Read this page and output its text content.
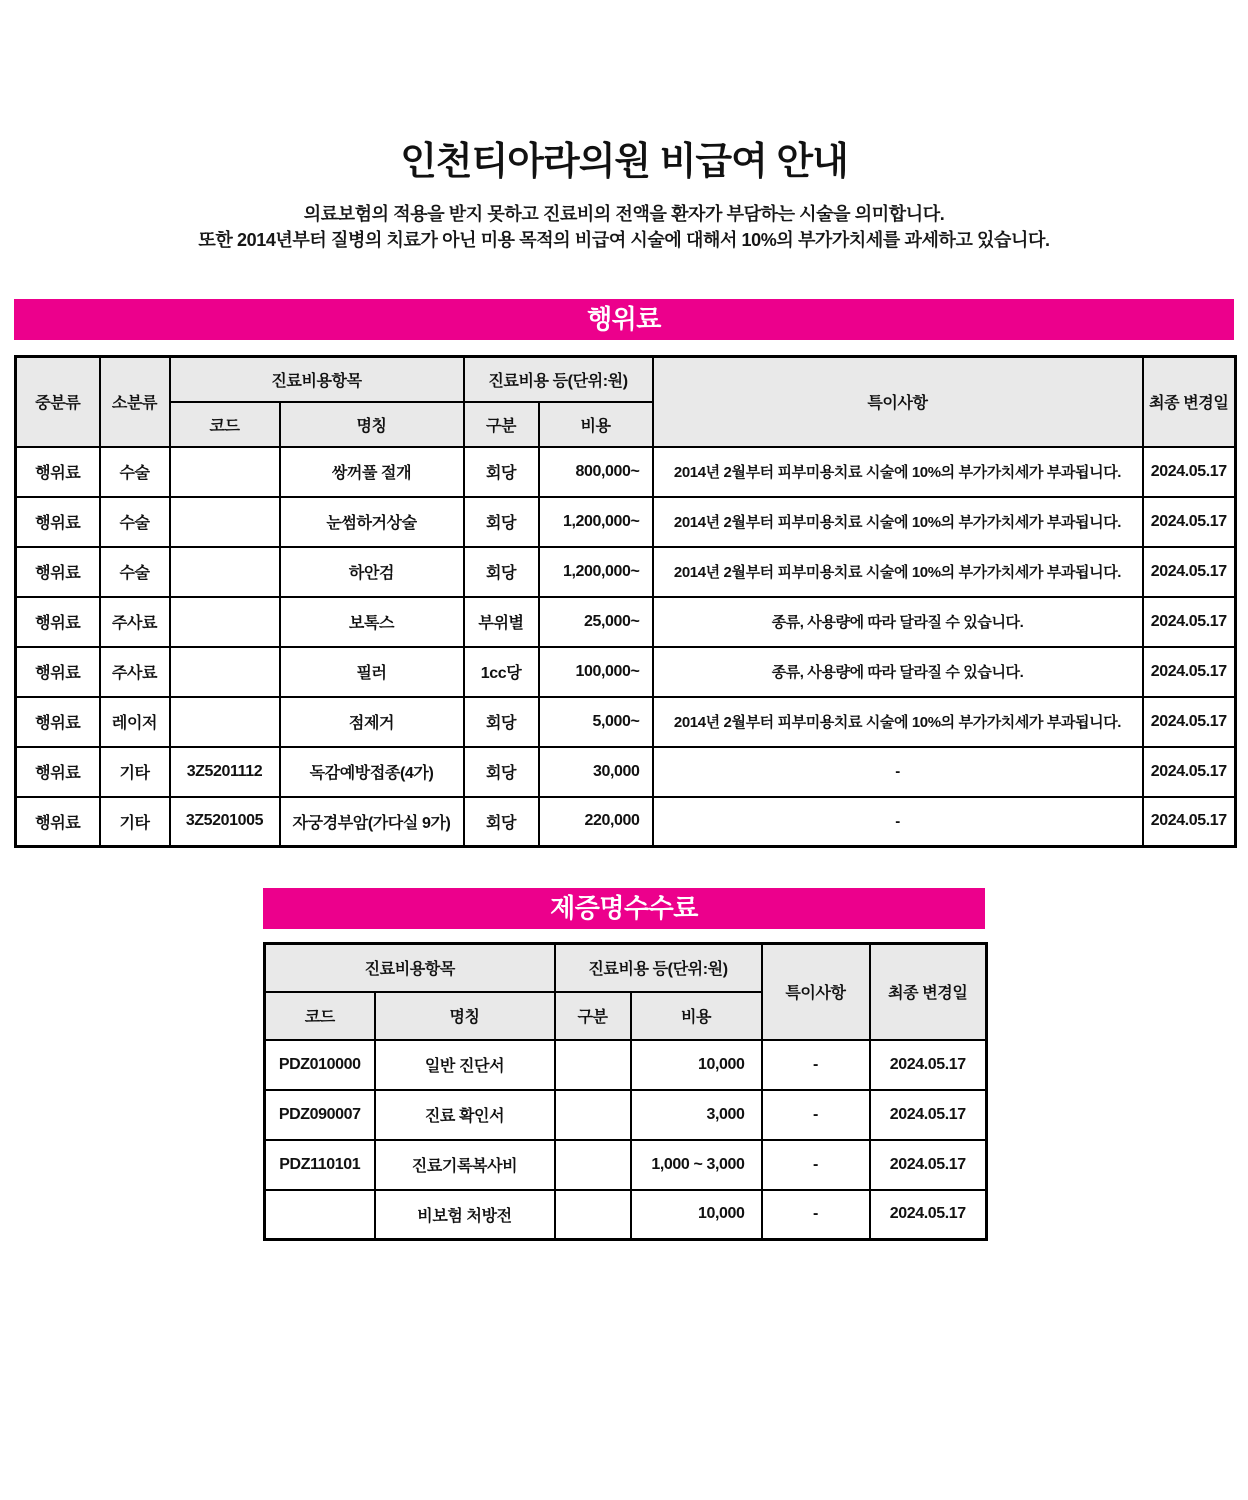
인천티아라의원 비급여 안내

의료보험의 적용을 받지 못하고 진료비의 전액을 환자가 부담하는 시술을 의미합니다.

또한 2014년부터 질병의 치료가 아닌 미용 목적의 비급여 시술에 대해서 10%의 부가가치세를 과세하고 있습니다.

행위료
중분류	소분류	진료비용항목		진료비용 등(단위:원)		특이사항	최종 변경일
		코드	명칭	구분	비용		
행위료	수술		쌍꺼풀 절개	회당	800,000~	2014년 2월부터 피부미용치료 시술에 10%의 부가가치세가 부과됩니다.	2024.05.17
행위료	수술		눈썸하거상술	회당	1,200,000~	2014년 2월부터 피부미용치료 시술에 10%의 부가가치세가 부과됩니다.	2024.05.17
행위료	수술		하안검	회당	1,200,000~	2014년 2월부터 피부미용치료 시술에 10%의 부가가치세가 부과됩니다.	2024.05.17
행위료	주사료		보톡스	부위별	25,000~	종류, 사용량에 따라 달라질 수 있습니다.	2024.05.17
행위료	주사료		필러	1cc당	100,000~	종류, 사용량에 따라 달라질 수 있습니다.	2024.05.17
행위료	레이저		점제거	회당	5,000~	2014년 2월부터 피부미용치료 시술에 10%의 부가가치세가 부과됩니다.	2024.05.17
행위료	기타	3Z5201112	독감예방접종(4가)	회당	30,000	-	2024.05.17
행위료	기타	3Z5201005	자궁경부암(가다실 9가)	회당	220,000	-	2024.05.17
제증명수수료
진료비용항목		진료비용 등(단위:원)		특이사항	최종 변경일
코드	명칭	구분	비용		
PDZ010000	일반 진단서		10,000	-	2024.05.17
PDZ090007	진료 확인서		3,000	-	2024.05.17
PDZ110101	진료기록복사비		1,000 ~ 3,000	-	2024.05.17
	비보험 처방전		10,000	-	2024.05.17
